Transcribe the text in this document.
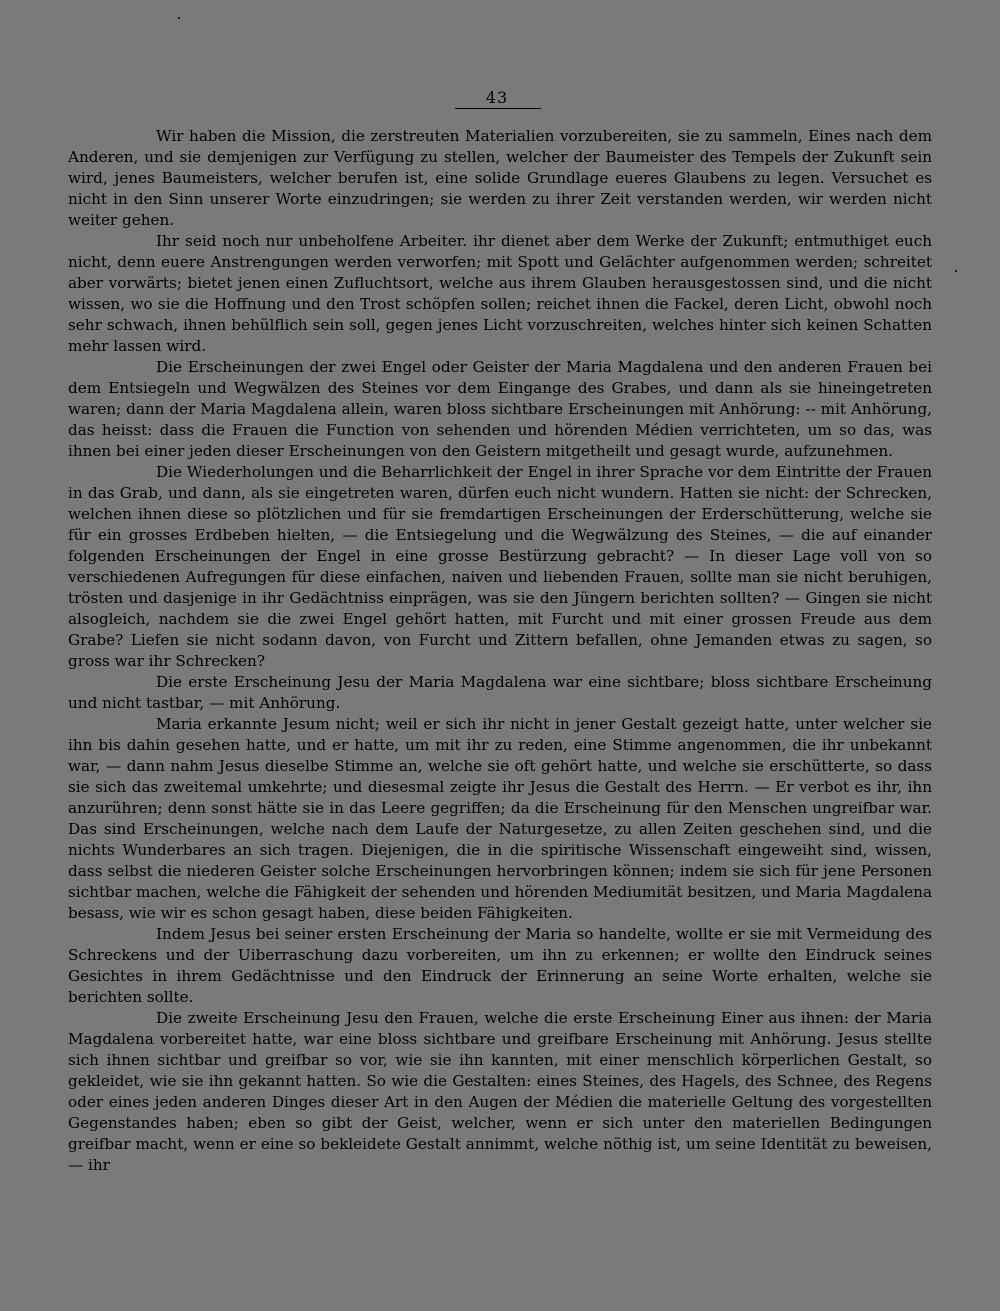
43

Wir haben die Mission, die zerstreuten Materialien vorzubereiten, sie zu sammeln, Eines nach dem Anderen, und sie demjenigen zur Verfügung zu stellen, welcher der Baumeister des Tempels der Zukunft sein wird, jenes Baumeisters, welcher berufen ist, eine solide Grundlage eueres Glaubens zu legen. Versuchet es nicht in den Sinn unserer Worte einzudringen; sie werden zu ihrer Zeit verstanden werden, wir werden nicht weiter gehen.

Ihr seid noch nur unbeholfene Arbeiter. ihr dienet aber dem Werke der Zukunft; entmuthiget euch nicht, denn euere Anstrengungen werden verworfen; mit Spott und Gelächter aufgenommen werden; schreitet aber vorwärts; bietet jenen einen Zufluchtsort, welche aus ihrem Glauben herausgestossen sind, und die nicht wissen, wo sie die Hoffnung und den Trost schöpfen sollen; reichet ihnen die Fackel, deren Licht, obwohl noch sehr schwach, ihnen behülflich sein soll, gegen jenes Licht vorzuschreiten, welches hinter sich keinen Schatten mehr lassen wird.

Die Erscheinungen der zwei Engel oder Geister der Maria Magdalena und den anderen Frauen bei dem Entsiegeln und Wegwälzen des Steines vor dem Eingange des Grabes, und dann als sie hineingetreten waren; dann der Maria Magdalena allein, waren bloss sichtbare Erscheinungen mit Anhörung: -- mit Anhörung, das heisst: dass die Frauen die Function von sehenden und hörenden Médien verrichteten, um so das, was ihnen bei einer jeden dieser Erscheinungen von den Geistern mitgetheilt und gesagt wurde, aufzunehmen.

Die Wiederholungen und die Beharrlichkeit der Engel in ihrer Sprache vor dem Eintritte der Frauen in das Grab, und dann, als sie eingetreten waren, dürfen euch nicht wundern. Hatten sie nicht: der Schrecken, welchen ihnen diese so plötzlichen und für sie fremdartigen Erscheinungen der Erderschütterung, welche sie für ein grosses Erdbeben hielten, — die Entsiegelung und die Wegwälzung des Steines, — die auf einander folgenden Erscheinungen der Engel in eine grosse Bestürzung gebracht? — In dieser Lage voll von so verschiedenen Aufregungen für diese einfachen, naiven und liebenden Frauen, sollte man sie nicht beruhigen, trösten und dasjenige in ihr Gedächtniss einprägen, was sie den Jüngern berichten sollten? — Gingen sie nicht alsogleich, nachdem sie die zwei Engel gehört hatten, mit Furcht und mit einer grossen Freude aus dem Grabe? Liefen sie nicht sodann davon, von Furcht und Zittern befallen, ohne Jemanden etwas zu sagen, so gross war ihr Schrecken?

Die erste Erscheinung Jesu der Maria Magdalena war eine sichtbare; bloss sichtbare Erscheinung und nicht tastbar, — mit Anhörung.

Maria erkannte Jesum nicht; weil er sich ihr nicht in jener Gestalt gezeigt hatte, unter welcher sie ihn bis dahin gesehen hatte, und er hatte, um mit ihr zu reden, eine Stimme angenommen, die ihr unbekannt war, — dann nahm Jesus dieselbe Stimme an, welche sie oft gehört hatte, und welche sie erschütterte, so dass sie sich das zweitemal umkehrte; und diesesmal zeigte ihr Jesus die Gestalt des Herrn. — Er verbot es ihr, ihn anzurühren; denn sonst hätte sie in das Leere gegriffen; da die Erscheinung für den Menschen ungreifbar war. Das sind Erscheinungen, welche nach dem Laufe der Naturgesetze, zu allen Zeiten geschehen sind, und die nichts Wunderbares an sich tragen. Diejenigen, die in die spiritische Wissenschaft eingeweiht sind, wissen, dass selbst die niederen Geister solche Erscheinungen hervorbringen können; indem sie sich für jene Personen sichtbar machen, welche die Fähigkeit der sehenden und hörenden Mediumität besitzen, und Maria Magdalena besass, wie wir es schon gesagt haben, diese beiden Fähigkeiten.

Indem Jesus bei seiner ersten Erscheinung der Maria so handelte, wollte er sie mit Vermeidung des Schreckens und der Uiberraschung dazu vorbereiten, um ihn zu erkennen; er wollte den Eindruck seines Gesichtes in ihrem Gedächtnisse und den Eindruck der Erinnerung an seine Worte erhalten, welche sie berichten sollte.

Die zweite Erscheinung Jesu den Frauen, welche die erste Erscheinung Einer aus ihnen: der Maria Magdalena vorbereitet hatte, war eine bloss sichtbare und greifbare Erscheinung mit Anhörung. Jesus stellte sich ihnen sichtbar und greifbar so vor, wie sie ihn kannten, mit einer menschlich körperlichen Gestalt, so gekleidet, wie sie ihn gekannt hatten. So wie die Gestalten: eines Steines, des Hagels, des Schnee, des Regens oder eines jeden anderen Dinges dieser Art in den Augen der Médien die materielle Geltung des vorgestellten Gegenstandes haben; eben so gibt der Geist, welcher, wenn er sich unter den materiellen Bedingungen greifbar macht, wenn er eine so bekleidete Gestalt annimmt, welche nöthig ist, um seine Identität zu beweisen, — ihr
